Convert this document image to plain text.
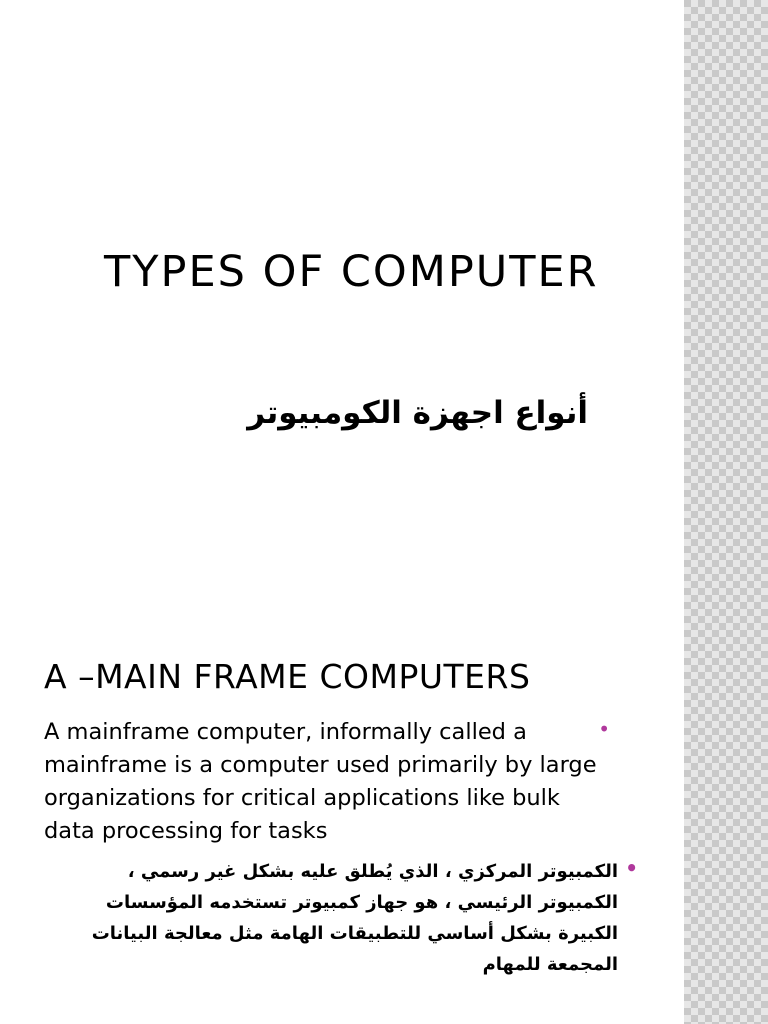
TYPES OF COMPUTER
أنواع اجهزة الكومبيوتر
A –MAIN FRAME COMPUTERS
•
A mainframe computer, informally called a mainframe is a computer used primarily by large organizations for critical applications like bulk data processing for tasks
•
الكمبيوتر المركزي ، الذي يُطلق عليه بشكل غير رسمي ، الكمبيوتر الرئيسي ، هو جهاز كمبيوتر تستخدمه المؤسسات الكبيرة بشكل أساسي للتطبيقات الهامة مثل معالجة البيانات المجمعة للمهام
